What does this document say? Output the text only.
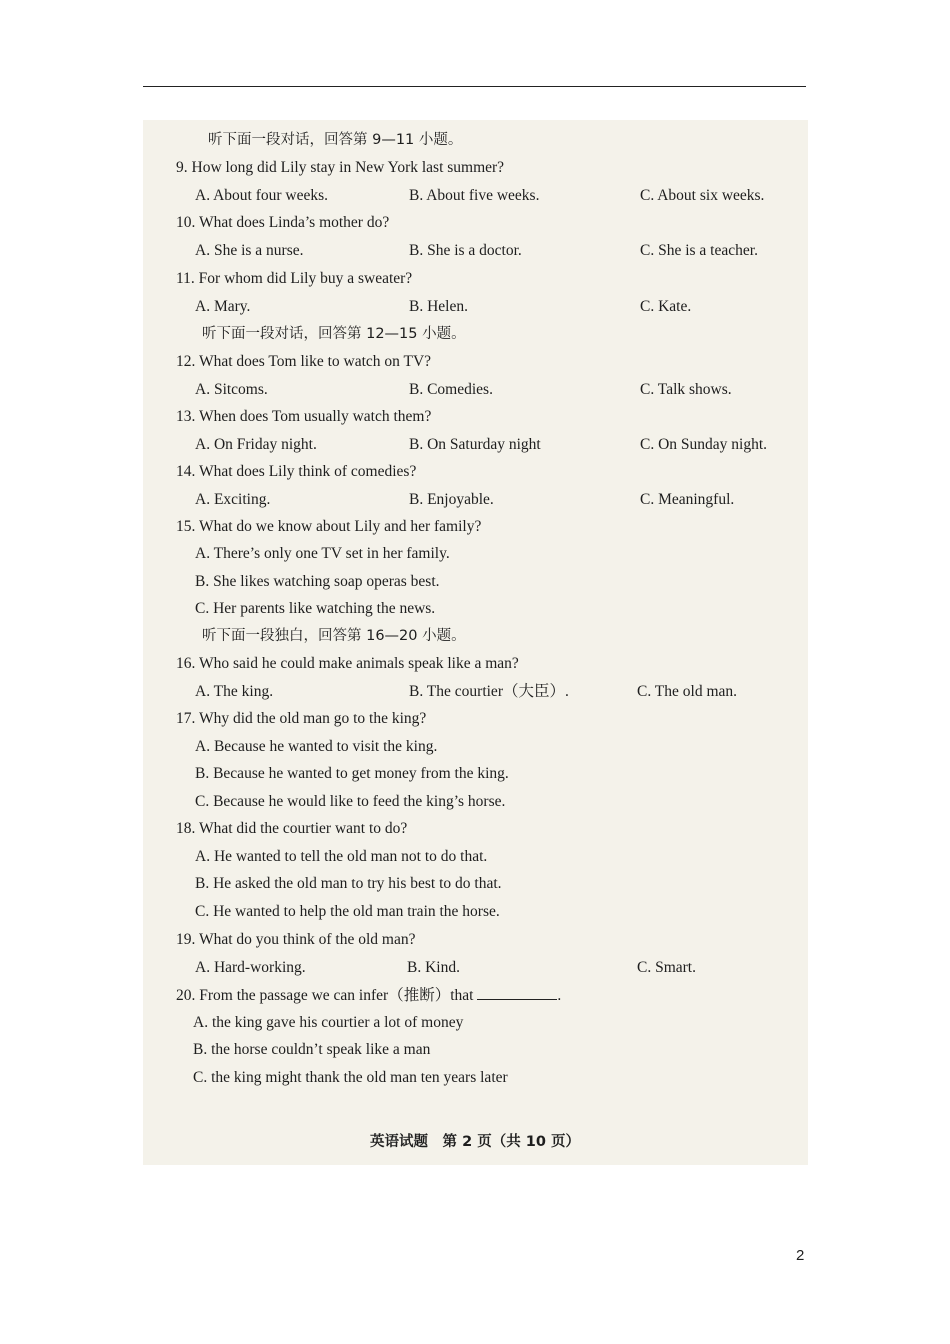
听下面一段对话，回答第 9—11 小题。
9. How long did Lily stay in New York last summer?
A. About four weeks.	B. About five weeks.	C. About six weeks.
10. What does Linda’s mother do?
A. She is a nurse.	B. She is a doctor.	C. She is a teacher.
11. For whom did Lily buy a sweater?
A. Mary.	B. Helen.	C. Kate.
听下面一段对话，回答第 12—15 小题。
12. What does Tom like to watch on TV?
A. Sitcoms.	B. Comedies.	C. Talk shows.
13. When does Tom usually watch them?
A. On Friday night.	B. On Saturday night	C. On Sunday night.
14. What does Lily think of comedies?
A. Exciting.	B. Enjoyable.	C. Meaningful.
15. What do we know about Lily and her family?
A. There’s only one TV set in her family.
B. She likes watching soap operas best.
C. Her parents like watching the news.
听下面一段独白，回答第 16—20 小题。
16. Who said he could make animals speak like a man?
A. The king.	B. The courtier（大臣）.	C. The old man.
17. Why did the old man go to the king?
A. Because he wanted to visit the king.
B. Because he wanted to get money from the king.
C. Because he would like to feed the king’s horse.
18. What did the courtier want to do?
A. He wanted to tell the old man not to do that.
B. He asked the old man to try his best to do that.
C. He wanted to help the old man train the horse.
19. What do you think of the old man?
A. Hard-working.	B. Kind.	C. Smart.
20. From the passage we can infer（推断）that	.
A. the king gave his courtier a lot of money
B. the horse couldn’t speak like a man
C. the king might thank the old man ten years later
英语试题　第 2 页（共 10 页）
2
